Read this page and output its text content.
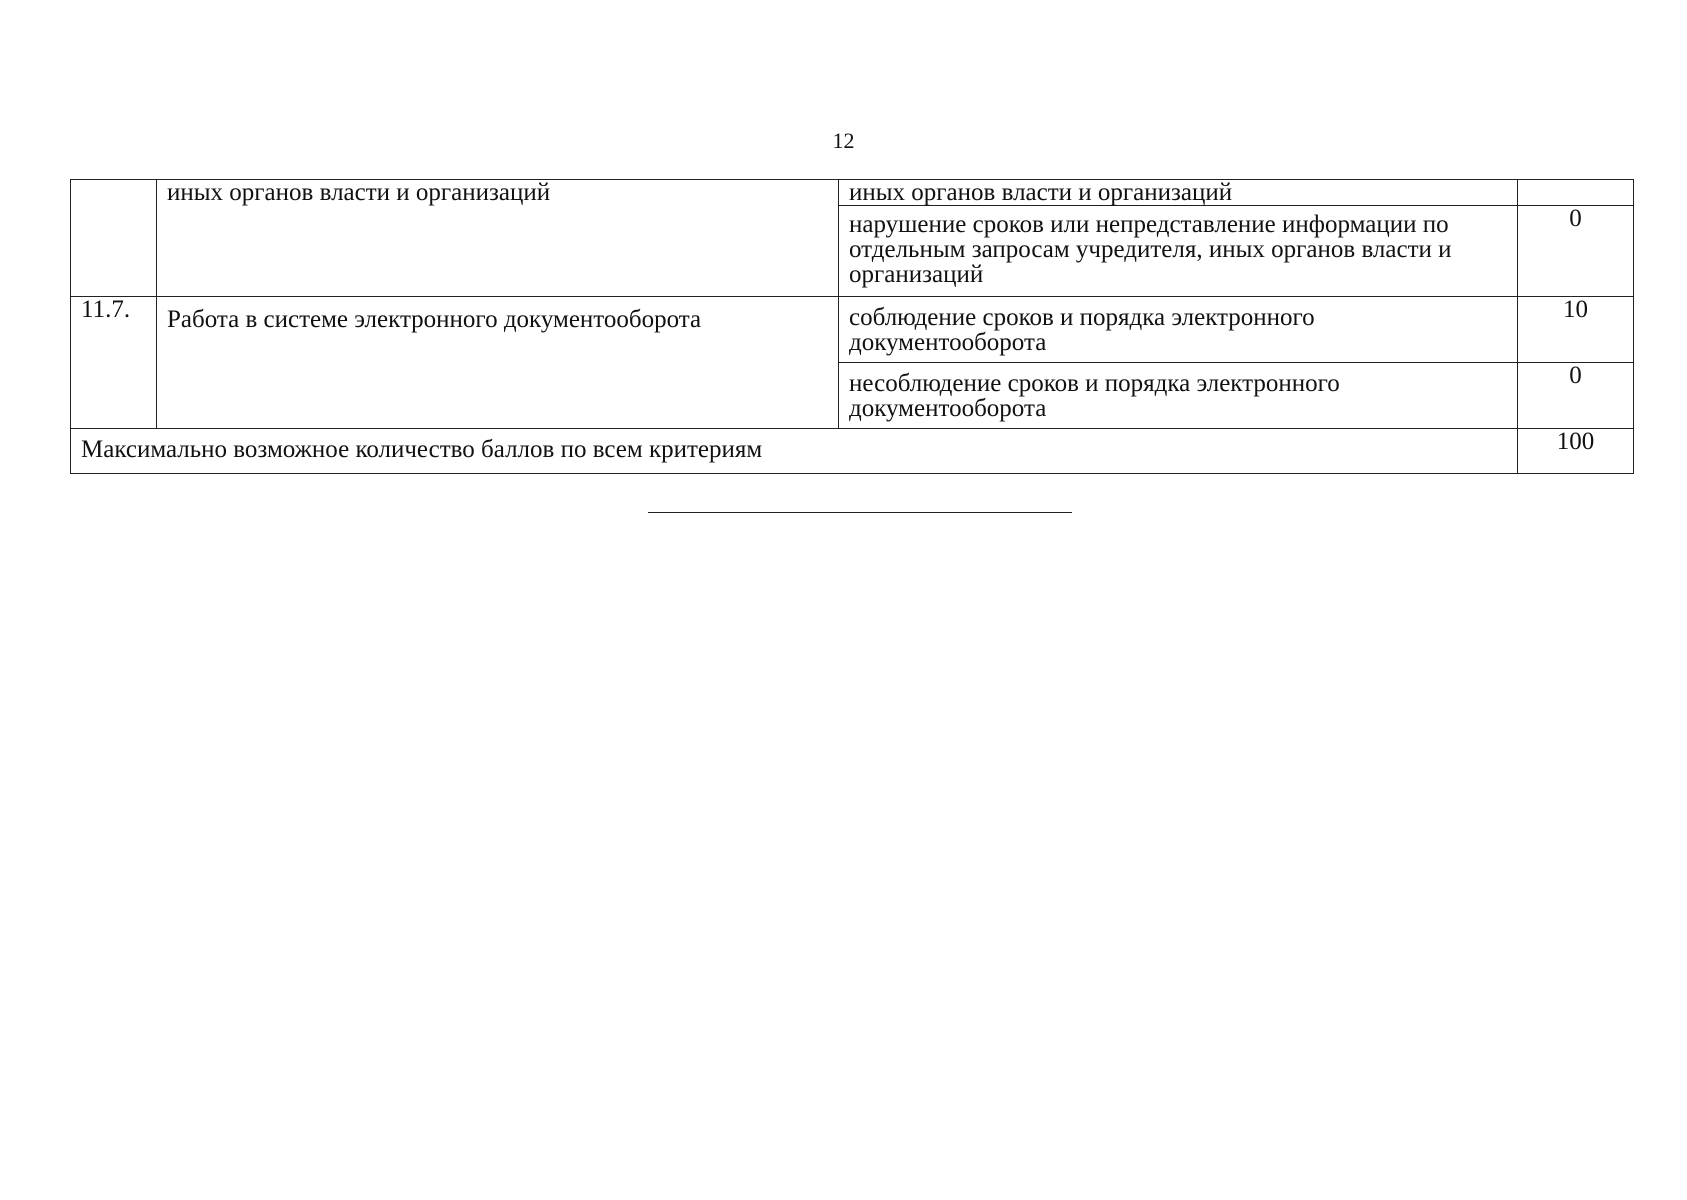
12
	иных органов власти и организаций	иных органов власти и организаций	
		нарушение сроков или непредставление информации по отдельным запросам учредителя, иных органов власти и организаций	0
11.7.	Работа в системе электронного документооборота	соблюдение сроков и порядка электронного документооборота	10
		несоблюдение сроков и порядка электронного документооборота	0
Максимально возможное количество баллов по всем критериям			100
